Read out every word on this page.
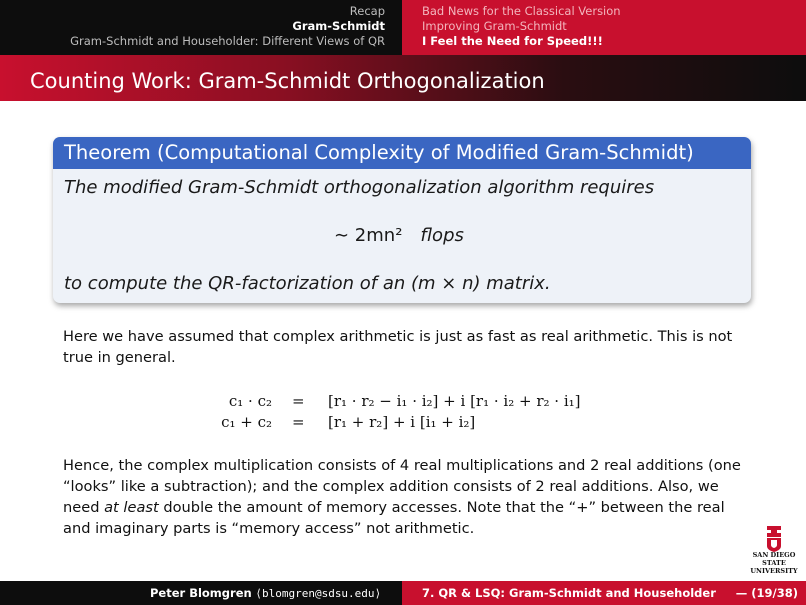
Recap
Gram-Schmidt
Gram-Schmidt and Householder: Different Views of QR
Bad News for the Classical Version
Improving Gram-Schmidt
I Feel the Need for Speed!!!
Counting Work: Gram-Schmidt Orthogonalization
Theorem (Computational Complexity of Modified Gram-Schmidt)
The modified Gram-Schmidt orthogonalization algorithm requires
∼ 2mn² flops
to compute the QR-factorization of an (m × n) matrix.
Here we have assumed that complex arithmetic is just as fast as real arithmetic. This is not true in general.
c₁ · c₂ = [r₁ · r₂ − i₁ · i₂] + i [r₁ · i₂ + r₂ · i₁]
c₁ + c₂ = [r₁ + r₂] + i [i₁ + i₂]
Hence, the complex multiplication consists of 4 real multiplications and 2 real additions (one “looks” like a subtraction); and the complex addition consists of 2 real additions. Also, we need at least double the amount of memory accesses. Note that the “+” between the real and imaginary parts is “memory access” not arithmetic.
SAN DIEGO STATE
UNIVERSITY
Peter Blomgren ⟨blomgren@sdsu.edu⟩	7. QR & LSQ: Gram-Schmidt and Householder — (19/38)
